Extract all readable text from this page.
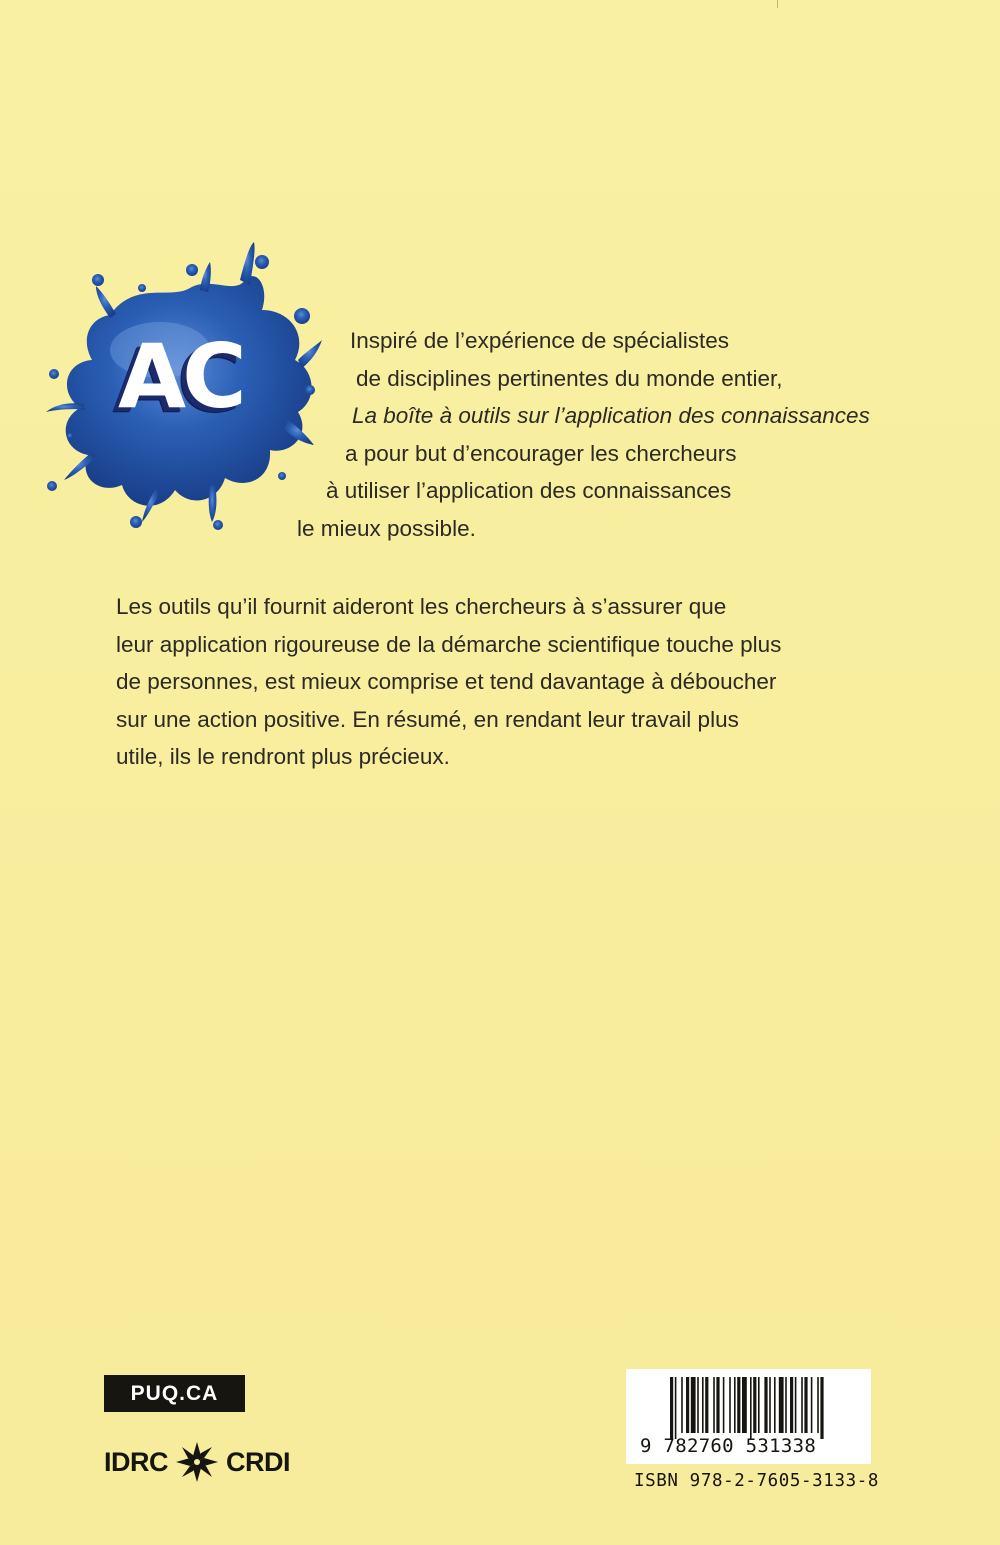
AC	Inspiré de l’expérience de spécialistes
de disciplines pertinentes du monde entier,
La boîte à outils sur l’application des connaissances
a pour but d’encourager les chercheurs
à utiliser l’application des connaissances
le mieux possible.
Les outils qu’il fournit aideront les chercheurs à s’assurer que
leur application rigoureuse de la démarche scientifique touche plus
de personnes, est mieux comprise et tend davantage à déboucher
sur une action positive. En résumé, en rendant leur travail plus
utile, ils le rendront plus précieux.
PUQ.CA
IDRC CRDI
9 782760 531338
ISBN 978-2-7605-3133-8
